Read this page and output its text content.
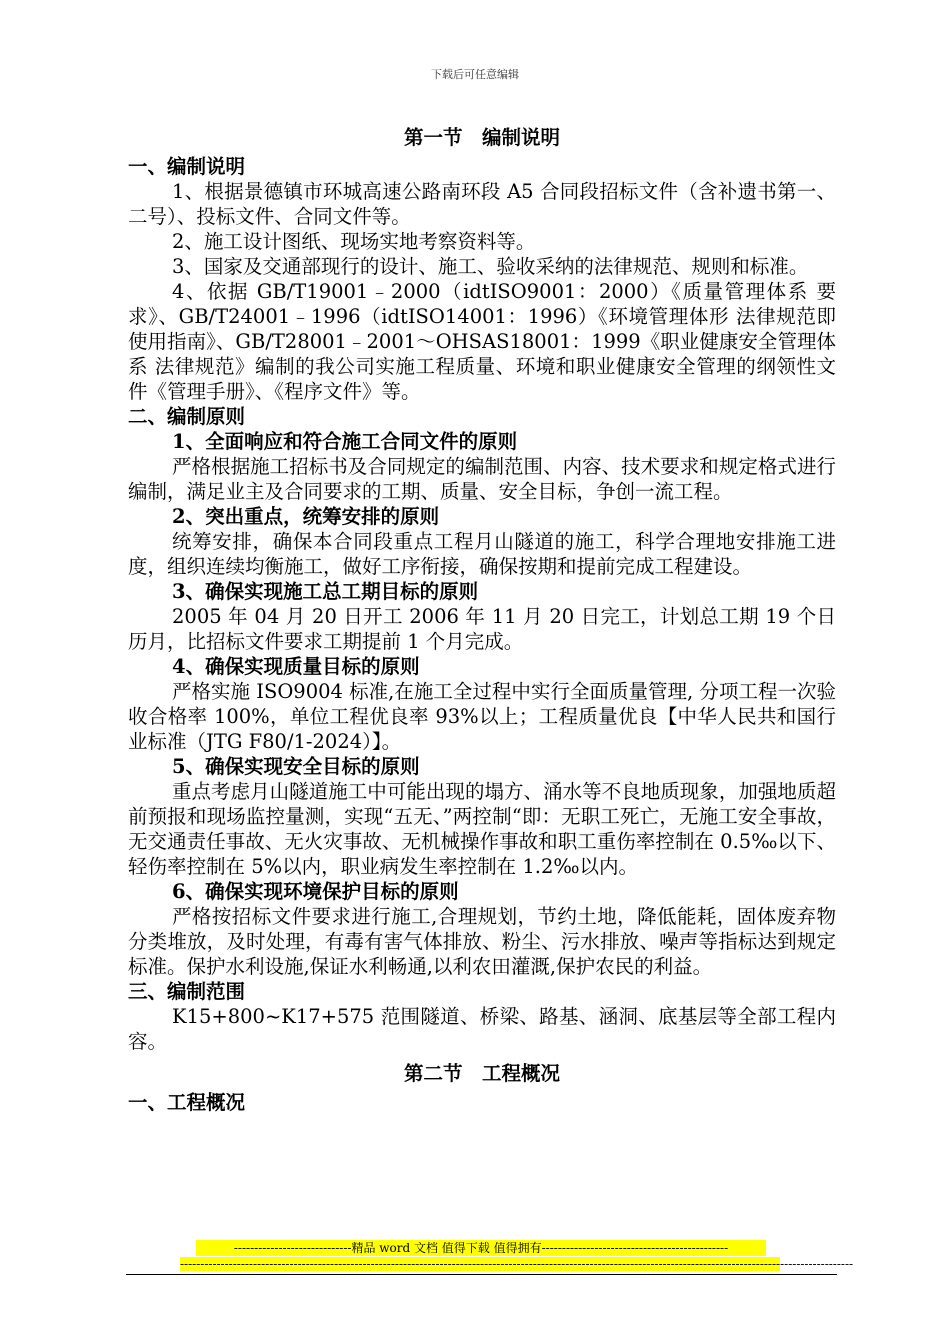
下载后可任意编辑

第一节　编制说明

一、编制说明

1、根据景德镇市环城高速公路南环段 A5 合同段招标文件（含补遗书第一、二号）、投标文件、合同文件等。

2、施工设计图纸、现场实地考察资料等。

3、国家及交通部现行的设计、施工、验收采纳的法律规范、规则和标准。

4、依据 GB/T19001﹣2000（idtISO9001：2000）《质量管理体系 要求》、GB/T24001﹣1996（idtISO14001：1996）《环境管理体形 法律规范即使用指南》、GB/T28001﹣2001～OHSAS18001：1999《职业健康安全管理体系 法律规范》编制的我公司实施工程质量、环境和职业健康安全管理的纲领性文件《管理手册》、《程序文件》等。

二、编制原则

1、全面响应和符合施工合同文件的原则

严格根据施工招标书及合同规定的编制范围、内容、技术要求和规定格式进行编制，满足业主及合同要求的工期、质量、安全目标，争创一流工程。

2、突出重点，统筹安排的原则

统筹安排，确保本合同段重点工程月山隧道的施工，科学合理地安排施工进度，组织连续均衡施工，做好工序衔接，确保按期和提前完成工程建设。

3、确保实现施工总工期目标的原则

2005 年 04 月 20 日开工 2006 年 11 月 20 日完工，计划总工期 19 个日历月，比招标文件要求工期提前 1 个月完成。

4、确保实现质量目标的原则

严格实施 ISO9004 标准,在施工全过程中实行全面质量管理, 分项工程一次验收合格率 100%，单位工程优良率 93%以上；工程质量优良【中华人民共和国行业标准（JTG F80/1-2024）】。

5、确保实现安全目标的原则

重点考虑月山隧道施工中可能出现的塌方、涌水等不良地质现象，加强地质超前预报和现场监控量测，实现“五无、”两控制“即：无职工死亡，无施工安全事故，无交通责任事故、无火灾事故、无机械操作事故和职工重伤率控制在 0.5‰以下、轻伤率控制在 5%以内，职业病发生率控制在 1.2‰以内。

6、确保实现环境保护目标的原则

严格按招标文件要求进行施工,合理规划，节约土地，降低能耗，固体废弃物分类堆放，及时处理，有毒有害气体排放、粉尘、污水排放、噪声等指标达到规定标准。保护水利设施,保证水利畅通,以利农田灌溉,保护农民的利益。

三、编制范围

K15+800~K17+575 范围隧道、桥梁、路基、涵洞、底基层等全部工程内容。

第二节　工程概况

一、工程概况

-----------------------------精品 word 文档 值得下载 值得拥有----------------------------------------------
----------------------------------------------------------------------------------------------------------------------------------------------------------------------
